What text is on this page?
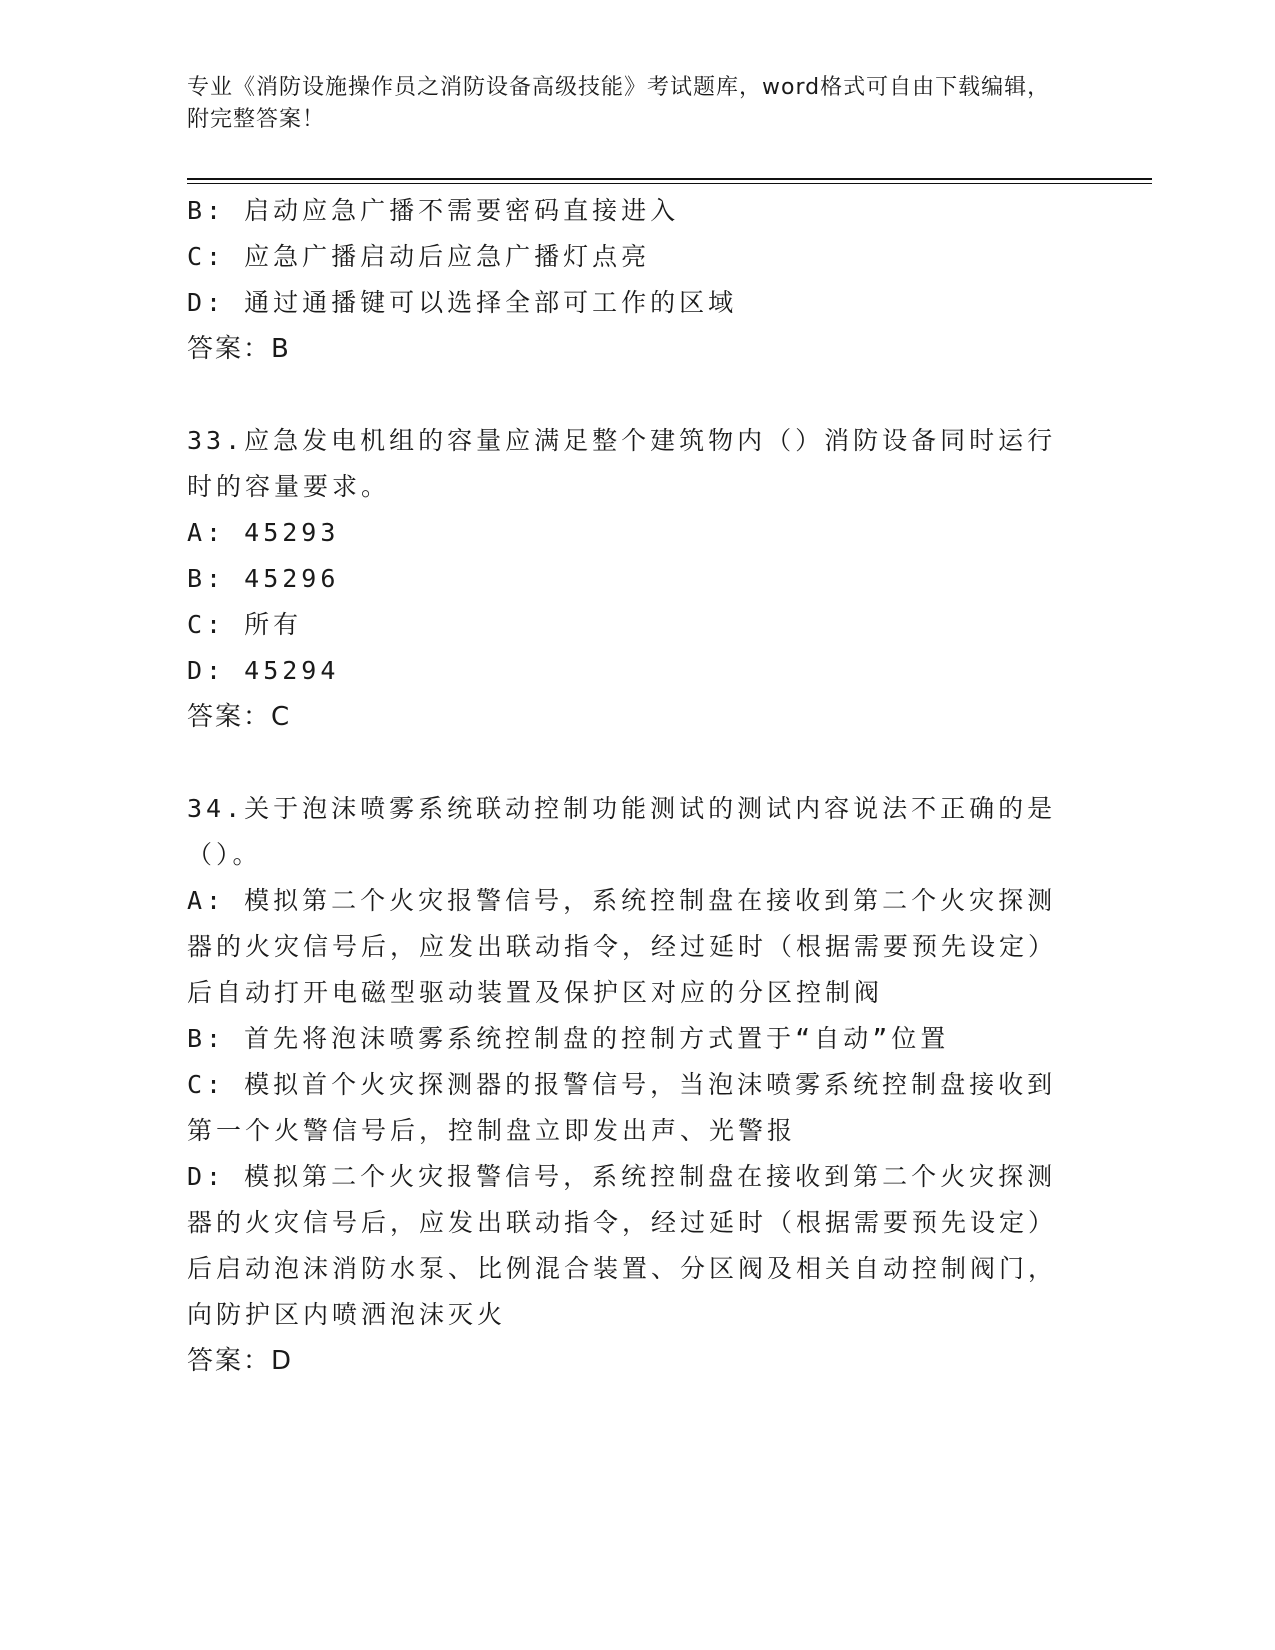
专业《消防设施操作员之消防设备高级技能》考试题库，word格式可自由下载编辑，附完整答案！
B: 启动应急广播不需要密码直接进入
C: 应急广播启动后应急广播灯点亮
D: 通过通播键可以选择全部可工作的区域
答案：B
33.应急发电机组的容量应满足整个建筑物内（）消防设备同时运行时的容量要求。
A: 45293
B: 45296
C: 所有
D: 45294
答案：C
34.关于泡沫喷雾系统联动控制功能测试的测试内容说法不正确的是（）。
A: 模拟第二个火灾报警信号，系统控制盘在接收到第二个火灾探测器的火灾信号后，应发出联动指令，经过延时（根据需要预先设定）后自动打开电磁型驱动装置及保护区对应的分区控制阀
B: 首先将泡沫喷雾系统控制盘的控制方式置于“自动”位置
C: 模拟首个火灾探测器的报警信号，当泡沫喷雾系统控制盘接收到第一个火警信号后，控制盘立即发出声、光警报
D: 模拟第二个火灾报警信号，系统控制盘在接收到第二个火灾探测器的火灾信号后，应发出联动指令，经过延时（根据需要预先设定）后启动泡沫消防水泵、比例混合装置、分区阀及相关自动控制阀门，向防护区内喷洒泡沫灭火
答案：D
